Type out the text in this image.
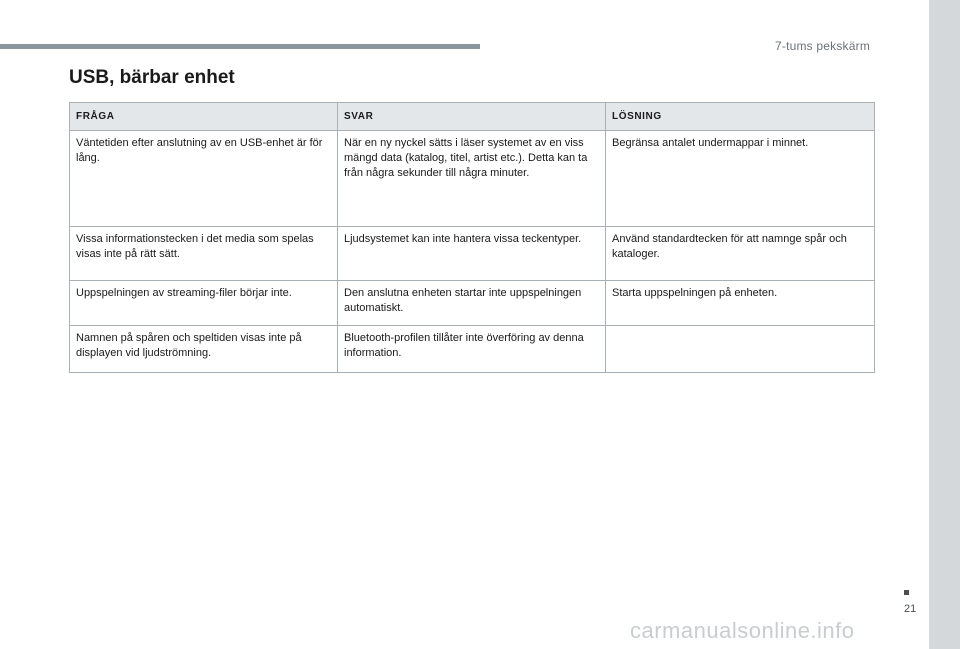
7-tums pekskärm
USB, bärbar enhet
FRÅGA	SVAR	LÖSNING
Väntetiden efter anslutning av en USB-enhet är för lång.	När en ny nyckel sätts i läser systemet av en viss mängd data (katalog, titel, artist etc.). Detta kan ta från några sekunder till några minuter.	Begränsa antalet undermappar i minnet.
Vissa informationstecken i det media som spelas visas inte på rätt sätt.	Ljudsystemet kan inte hantera vissa teckentyper.	Använd standardtecken för att namnge spår och kataloger.
Uppspelningen av streaming-filer börjar inte.	Den anslutna enheten startar inte uppspelningen automatiskt.	Starta uppspelningen på enheten.
Namnen på spåren och speltiden visas inte på displayen vid ljudströmning.	Bluetooth-profilen tillåter inte överföring av denna information.	
21
carmanualsonline.info
